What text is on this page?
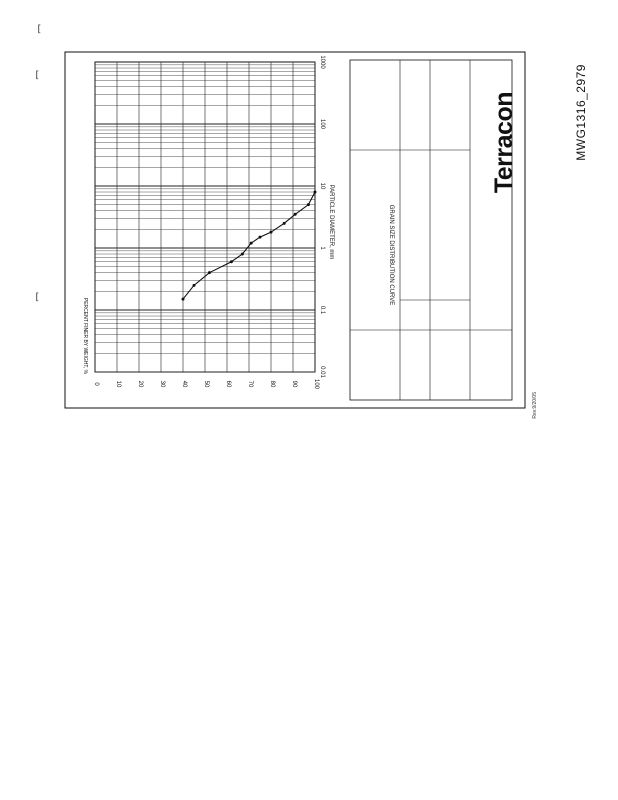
[
[
[
100
90
80
70
60
50
40
30
20
10
0
1000
100
10
1
0.1
0.01
PARTICLE DIAMETER, mm
PERCENT FINER BY WEIGHT, %
GRAIN SIZE DISTRIBUTION CURVE
MWG1316_2979
Terracon
Rev.9/20/05
